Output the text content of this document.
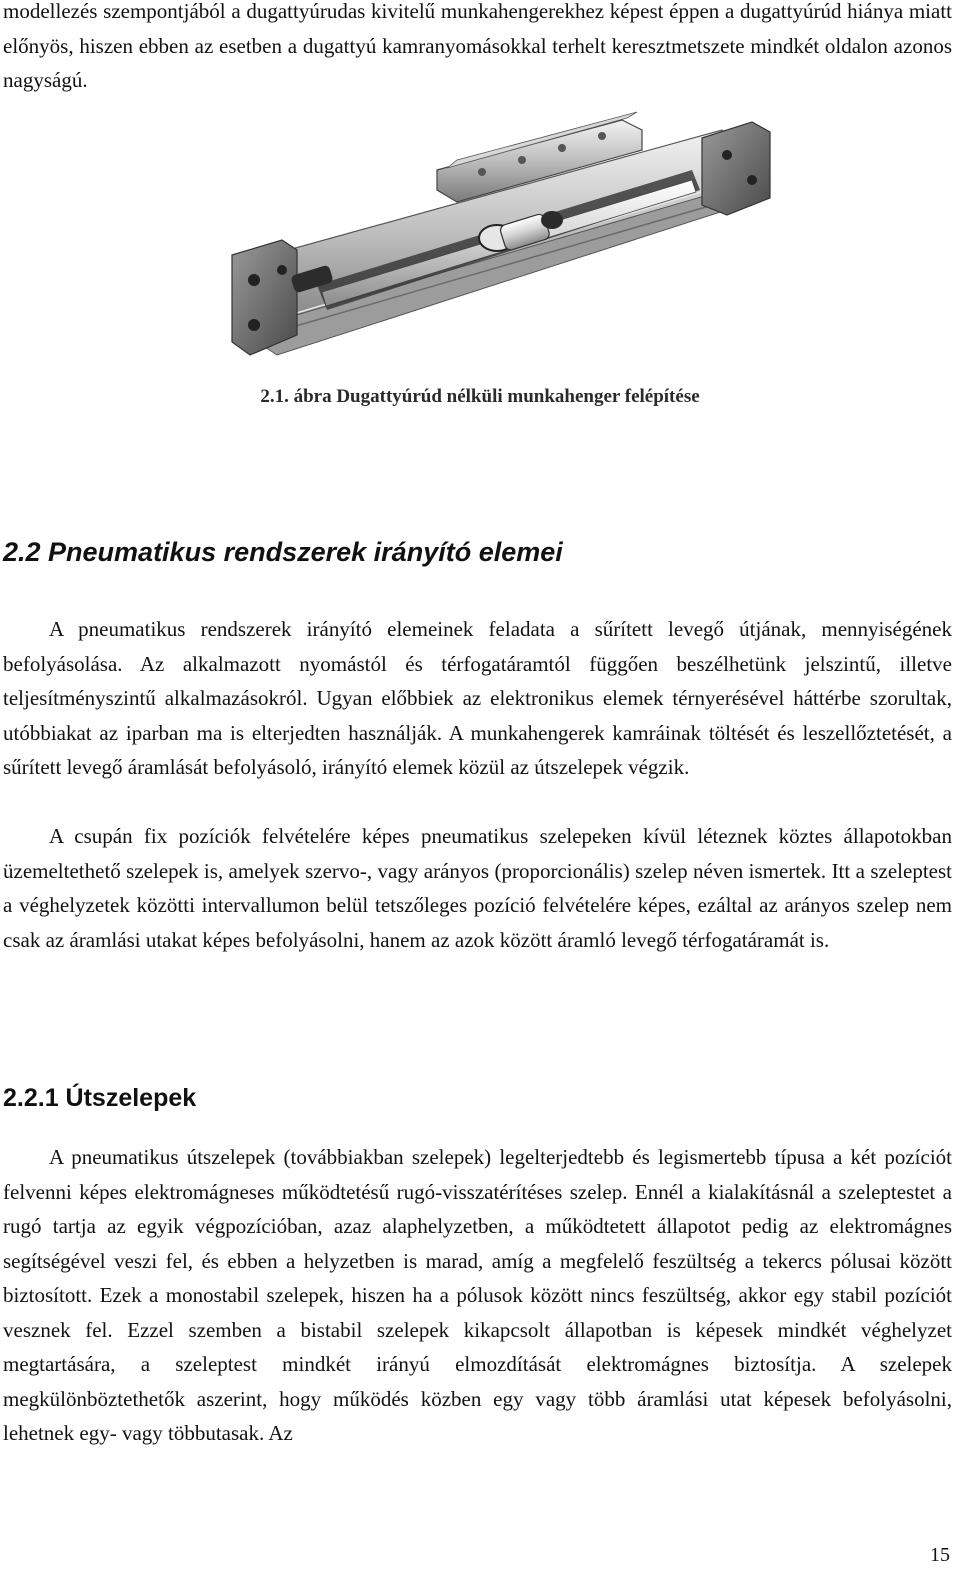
modellezés szempontjából a dugattyúrudas kivitelű munkahengerekhez képest éppen a dugattyúrúd hiánya miatt előnyös, hiszen ebben az esetben a dugattyú kamranyomásokkal terhelt keresztmetszete mindkét oldalon azonos nagyságú.

2.1. ábra Dugattyúrúd nélküli munkahenger felépítése

2.2 Pneumatikus rendszerek irányító elemei

A pneumatikus rendszerek irányító elemeinek feladata a sűrített levegő útjának, mennyiségének befolyásolása. Az alkalmazott nyomástól és térfogatáramtól függően beszélhetünk jelszintű, illetve teljesítményszintű alkalmazásokról. Ugyan előbbiek az elektronikus elemek térnyerésével háttérbe szorultak, utóbbiakat az iparban ma is elterjedten használják. A munkahengerek kamráinak töltését és leszellőztetését, a sűrített levegő áramlását befolyásoló, irányító elemek közül az útszelepek végzik.

A csupán fix pozíciók felvételére képes pneumatikus szelepeken kívül léteznek köztes állapotokban üzemeltethető szelepek is, amelyek szervo-, vagy arányos (proporcionális) szelep néven ismertek. Itt a szeleptest a véghelyzetek közötti intervallumon belül tetszőleges pozíció felvételére képes, ezáltal az arányos szelep nem csak az áramlási utakat képes befolyásolni, hanem az azok között áramló levegő térfogatáramát is.

2.2.1 Útszelepek

A pneumatikus útszelepek (továbbiakban szelepek) legelterjedtebb és legismertebb típusa a két pozíciót felvenni képes elektromágneses működtetésű rugó-visszatérítéses szelep. Ennél a kialakításnál a szeleptestet a rugó tartja az egyik végpozícióban, azaz alaphelyzetben, a működtetett állapotot pedig az elektromágnes segítségével veszi fel, és ebben a helyzetben is marad, amíg a megfelelő feszültség a tekercs pólusai között biztosított. Ezek a monostabil szelepek, hiszen ha a pólusok között nincs feszültség, akkor egy stabil pozíciót vesznek fel. Ezzel szemben a bistabil szelepek kikapcsolt állapotban is képesek mindkét véghelyzet megtartására, a szeleptest mindkét irányú elmozdítását elektromágnes biztosítja. A szelepek megkülönböztethetők aszerint, hogy működés közben egy vagy több áramlási utat képesek befolyásolni, lehetnek egy- vagy többutasak. Az

15
